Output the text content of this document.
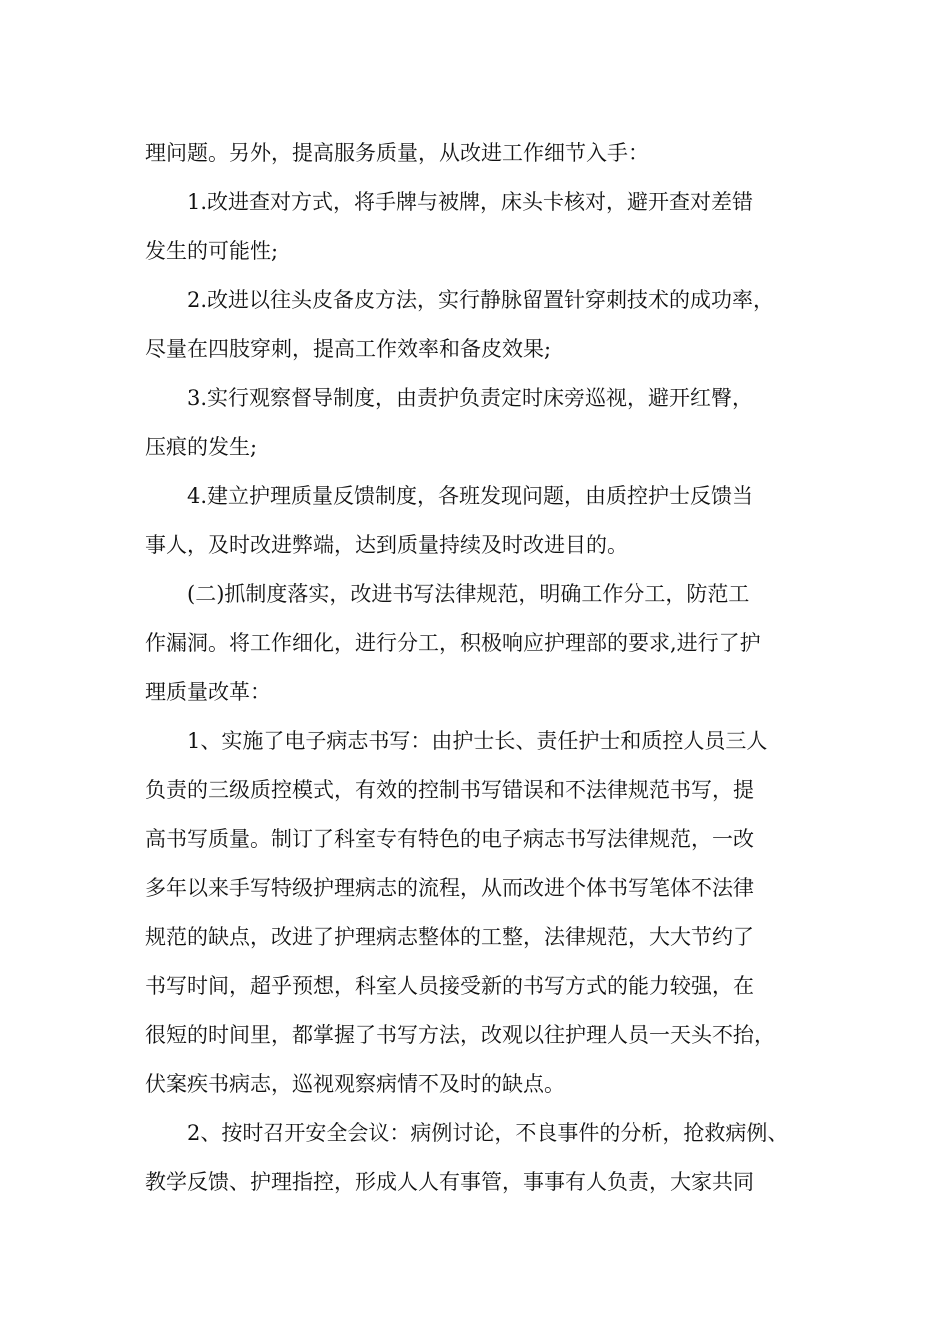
理问题。另外，提高服务质量，从改进工作细节入手：
1.改进查对方式，将手牌与被牌，床头卡核对，避开查对差错
发生的可能性;
2.改进以往头皮备皮方法，实行静脉留置针穿刺技术的成功率，
尽量在四肢穿刺，提高工作效率和备皮效果;
3.实行观察督导制度，由责护负责定时床旁巡视，避开红臀，
压痕的发生;
4.建立护理质量反馈制度，各班发现问题，由质控护士反馈当
事人，及时改进弊端，达到质量持续及时改进目的。
(二)抓制度落实，改进书写法律规范，明确工作分工，防范工
作漏洞。将工作细化，进行分工，积极响应护理部的要求,进行了护
理质量改革：
1、实施了电子病志书写：由护士长、责任护士和质控人员三人
负责的三级质控模式，有效的控制书写错误和不法律规范书写，提
高书写质量。制订了科室专有特色的电子病志书写法律规范，一改
多年以来手写特级护理病志的流程，从而改进个体书写笔体不法律
规范的缺点，改进了护理病志整体的工整，法律规范，大大节约了
书写时间，超乎预想，科室人员接受新的书写方式的能力较强，在
很短的时间里，都掌握了书写方法，改观以往护理人员一天头不抬，
伏案疾书病志，巡视观察病情不及时的缺点。
2、按时召开安全会议：病例讨论，不良事件的分析，抢救病例、
教学反馈、护理指控，形成人人有事管，事事有人负责，大家共同
